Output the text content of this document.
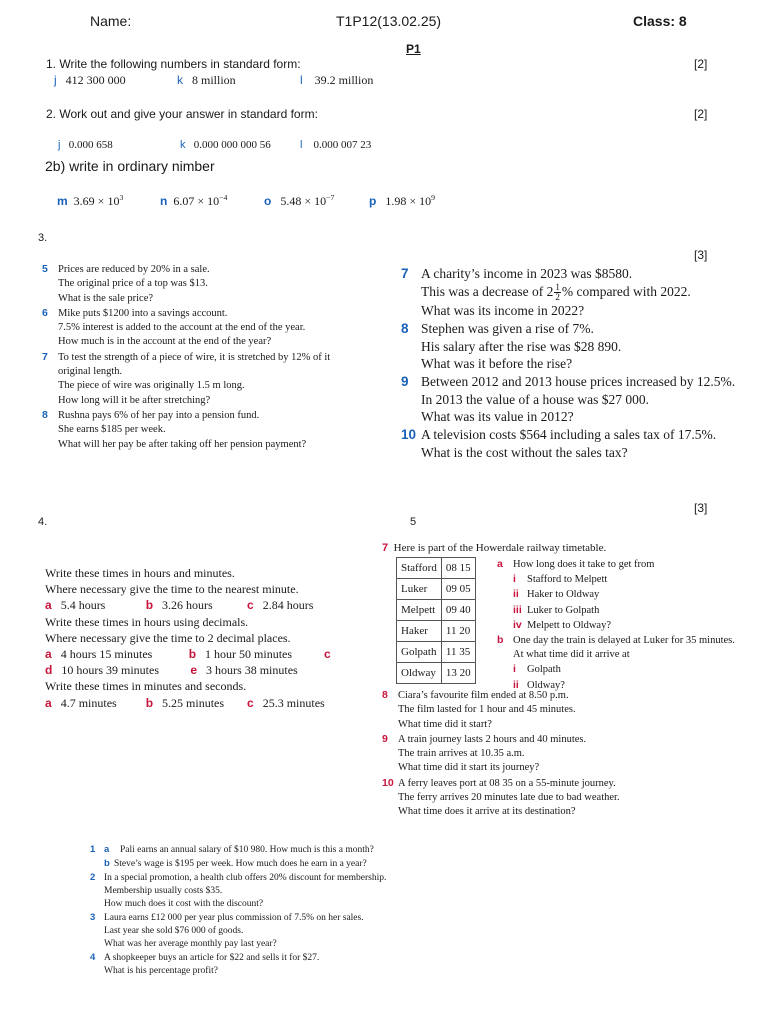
Name:	T1P12(13.02.25)	Class: 8
P1
1. Write the following numbers in standard form:	[2]
j 412 300 000	k 8 million	l 39.2 million
2. Work out and give your answer in standard form:	[2]
j 0.000 658	k 0.000 000 000 56	l 0.000 007 23
2b) write in ordinary nimber
m $3.69 \times 10^3$	n $6.07 \times 10^{-4}$	o $5.48 \times 10^{-7}$	p $1.98 \times 10^9$
3.
[3]
5 Prices are reduced by 20% in a sale.
The original price of a top was $13.
What is the sale price?
6 Mike puts $1200 into a savings account.
7.5% interest is added to the account at the end of the year.
How much is in the account at the end of the year?
7 To test the strength of a piece of wire, it is stretched by 12% of it
original length.
The piece of wire was originally 1.5 m long.
How long will it be after stretching?
8 Rushna pays 6% of her pay into a pension fund.
She earns $185 per week.
What will her pay be after taking off her pension payment?
7 A charity’s income in 2023 was $8580.
This was a decrease of $2 \frac{1}{2}$ % compared with 2022.
What was its income in 2022?
8 Stephen was given a rise of 7%.
His salary after the rise was $28 890.
What was it before the rise?
9 Between 2012 and 2013 house prices increased by 12.5%.
In 2013 the value of a house was $27 000.
What was its value in 2012?
10 A television costs $564 including a sales tax of 17.5%.
What is the cost without the sales tax?
4.
[3]
Write these times in hours and minutes.
Where necessary give the time to the nearest minute.
a 5.4 hours	b 3.26 hours	c 2.84 hours
Write these times in hours using decimals.
Where necessary give the time to 2 decimal places.
a 4 hours 15 minutes	b 1 hour 50 minutes	c
d 10 hours 39 minutes	e 3 hours 38 minutes
Write these times in minutes and seconds.
a 4.7 minutes b 5.25 minutes c 25.3 minutes
5
7 Here is part of the Howerdale railway timetable.
Stafford	08 15
Luker	09 05
Melpett	09 40
Haker	11 20
Golpath	11 35
Oldway	13 20
a How long does it take to get from
i Stafford to Melpett
ii Haker to Oldway
iii Luker to Golpath
iv Melpett to Oldway?
b One day the train is delayed at Luker for 35 minutes.
At what time did it arrive at
i Golpath
ii Oldway?
8 Ciara’s favourite film ended at 8.50 p.m.
The film lasted for 1 hour and 45 minutes.
What time did it start?
9 A train journey lasts 2 hours and 40 minutes.
The train arrives at 10.35 a.m.
What time did it start its journey?
10 A ferry leaves port at 08 35 on a 55-minute journey.
The ferry arrives 20 minutes late due to bad weather.
What time does it arrive at its destination?
1 a Pali earns an annual salary of $10 980. How much is this a month?
b Steve’s wage is $195 per week. How much does he earn in a year?
2 In a special promotion, a health club offers 20% discount for membership.
Membership usually costs $35.
How much does it cost with the discount?
3 Laura earns £12 000 per year plus commission of 7.5% on her sales.
Last year she sold $76 000 of goods.
What was her average monthly pay last year?
4 A shopkeeper buys an article for $22 and sells it for $27.
What is his percentage profit?
